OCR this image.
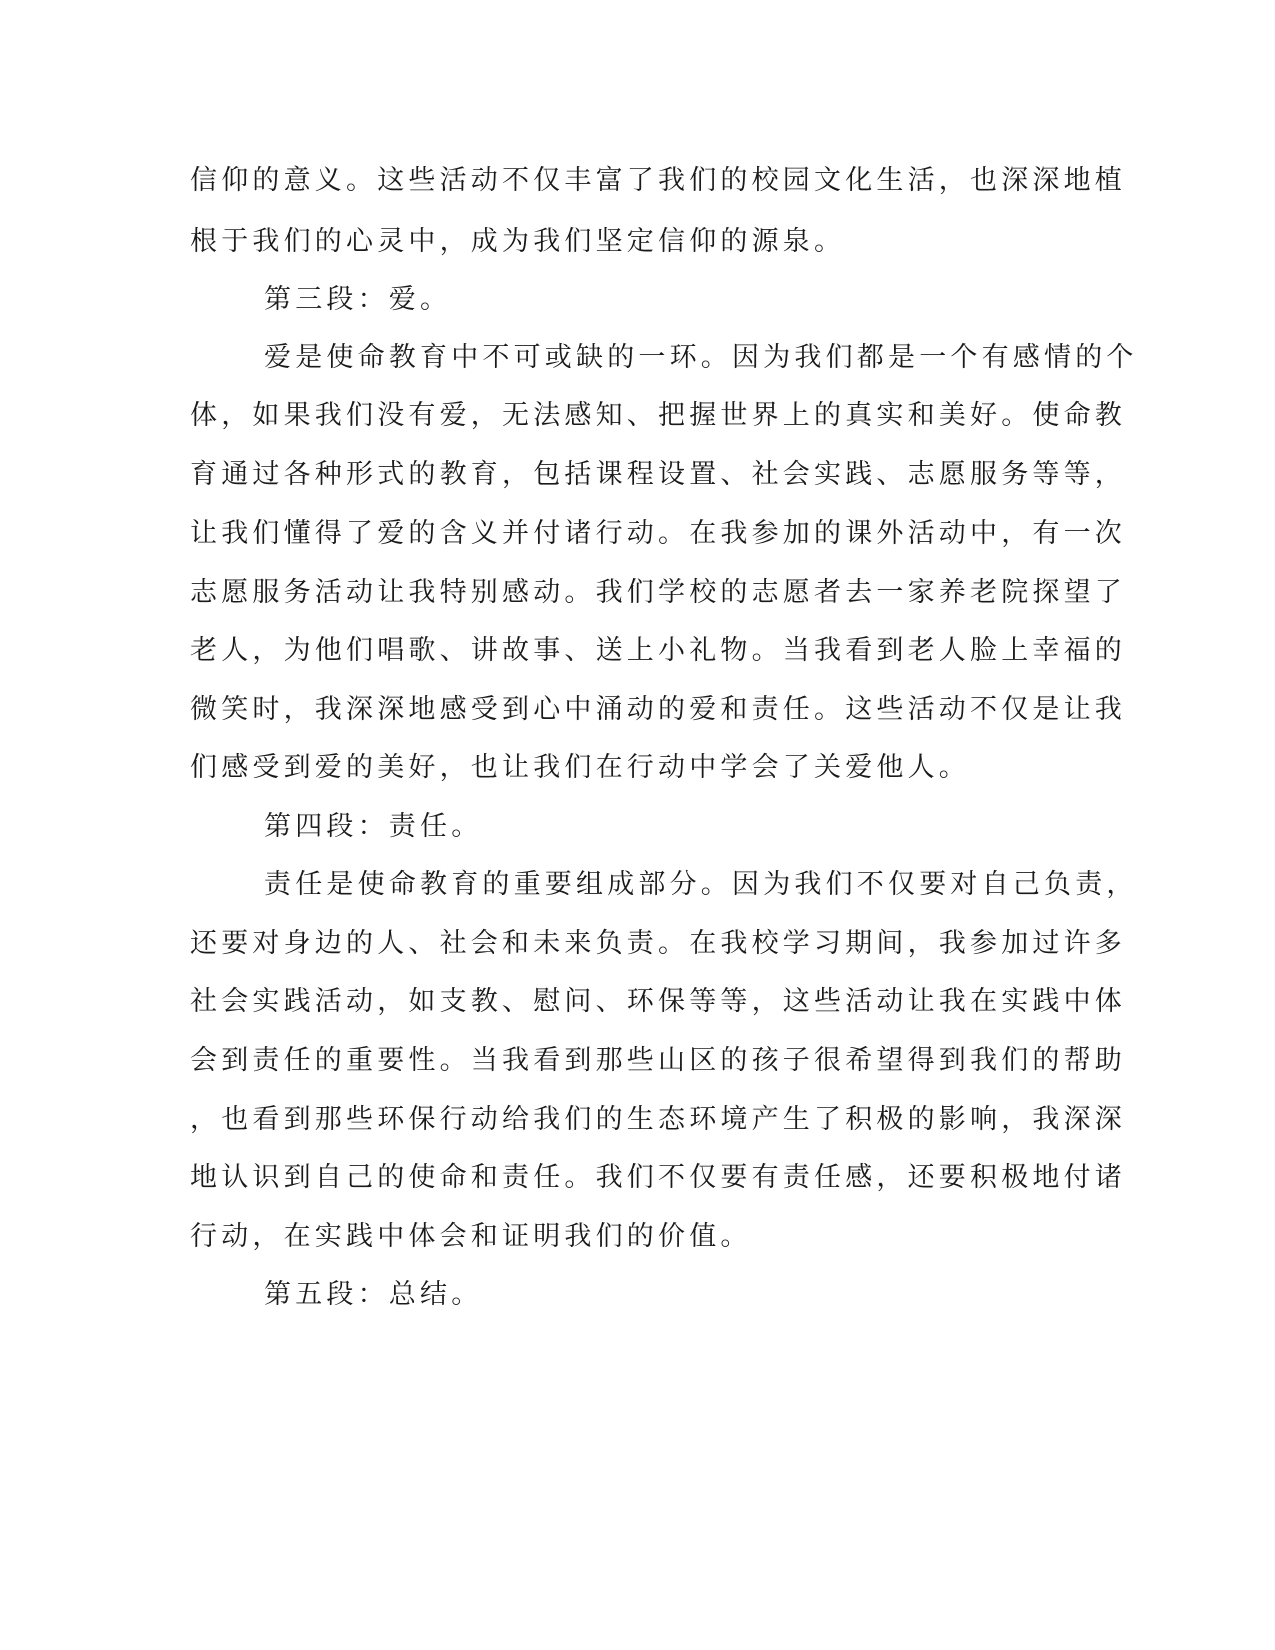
信仰的意义。这些活动不仅丰富了我们的校园文化生活，也深深地植
根于我们的心灵中，成为我们坚定信仰的源泉。
第三段：爱。
爱是使命教育中不可或缺的一环。因为我们都是一个有感情的个
体，如果我们没有爱，无法感知、把握世界上的真实和美好。使命教
育通过各种形式的教育，包括课程设置、社会实践、志愿服务等等，
让我们懂得了爱的含义并付诸行动。在我参加的课外活动中，有一次
志愿服务活动让我特别感动。我们学校的志愿者去一家养老院探望了
老人，为他们唱歌、讲故事、送上小礼物。当我看到老人脸上幸福的
微笑时，我深深地感受到心中涌动的爱和责任。这些活动不仅是让我
们感受到爱的美好，也让我们在行动中学会了关爱他人。
第四段：责任。
责任是使命教育的重要组成部分。因为我们不仅要对自己负责，
还要对身边的人、社会和未来负责。在我校学习期间，我参加过许多
社会实践活动，如支教、慰问、环保等等，这些活动让我在实践中体
会到责任的重要性。当我看到那些山区的孩子很希望得到我们的帮助
，也看到那些环保行动给我们的生态环境产生了积极的影响，我深深
地认识到自己的使命和责任。我们不仅要有责任感，还要积极地付诸
行动，在实践中体会和证明我们的价值。
第五段：总结。
